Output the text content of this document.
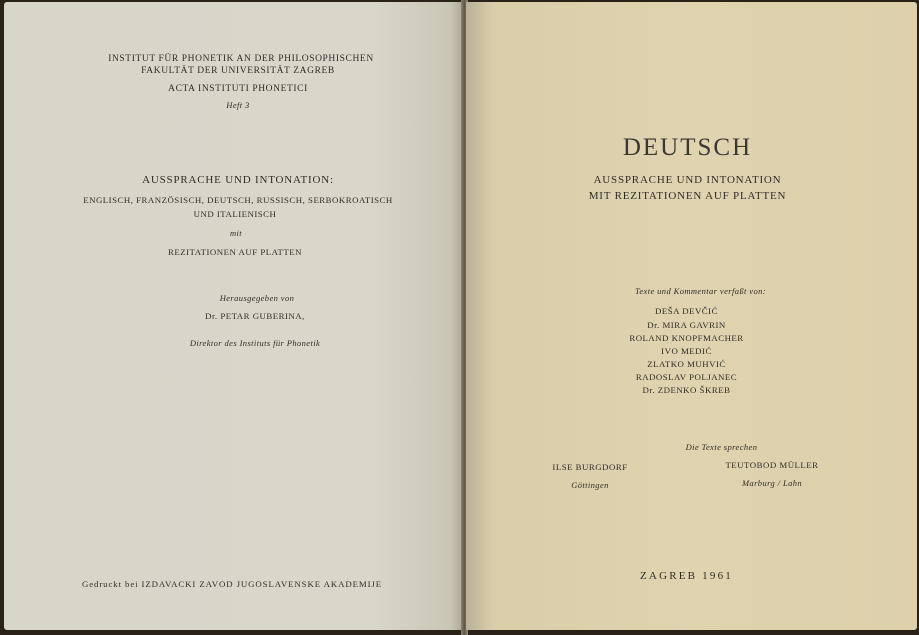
INSTITUT FÜR PHONETIK AN DER PHILOSOPHISCHEN
FAKULTÄT DER UNIVERSITÄT ZAGREB
ACTA INSTITUTI PHONETICI
Heft 3
AUSSPRACHE UND INTONATION:
ENGLISCH, FRANZÖSISCH, DEUTSCH, RUSSISCH, SERBOKROATISCH
UND ITALIENISCH
mit
REZITATIONEN AUF PLATTEN
Herausgegeben von
Dr. PETAR GUBERINA,
Direktor des Instituts für Phonetik
Gedruckt bei IZDAVACKI ZAVOD JUGOSLAVENSKE AKADEMIJE
DEUTSCH
AUSSPRACHE UND INTONATION
MIT REZITATIONEN AUF PLATTEN
Texte und Kommentar verfaßt von:
DEŠA DEVČIĆ
Dr. MIRA GAVRIN
ROLAND KNOPFMACHER
IVO MEDIĆ
ZLATKO MUHVIĆ
RADOSLAV POLJANEC
Dr. ZDENKO ŠKREB
Die Texte sprechen
ILSE BURGDORF
Göttingen
TEUTOBOD MÜLLER
Marburg / Lahn
ZAGREB 1961
